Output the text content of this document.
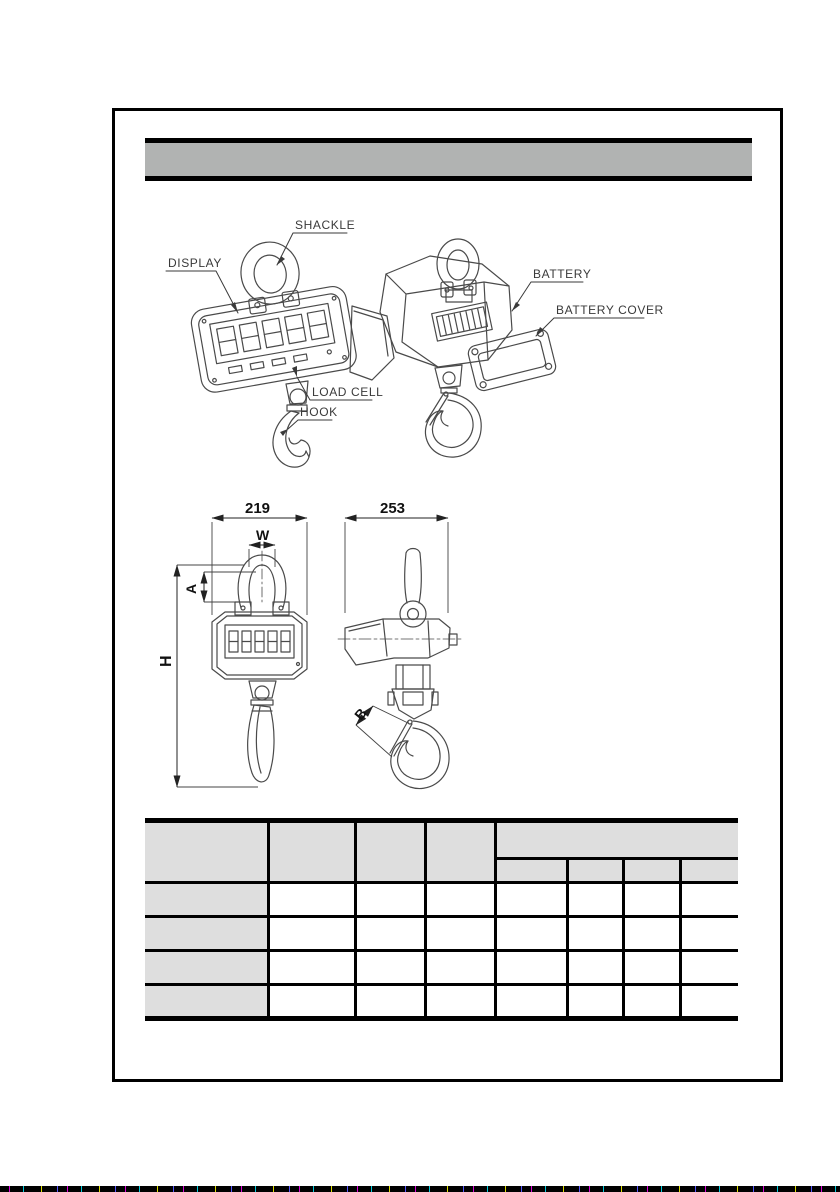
DISPLAY
SHACKLE
LOAD CELL
HOOK
BATTERY
BATTERY COVER
219	253
W
A
H
B
